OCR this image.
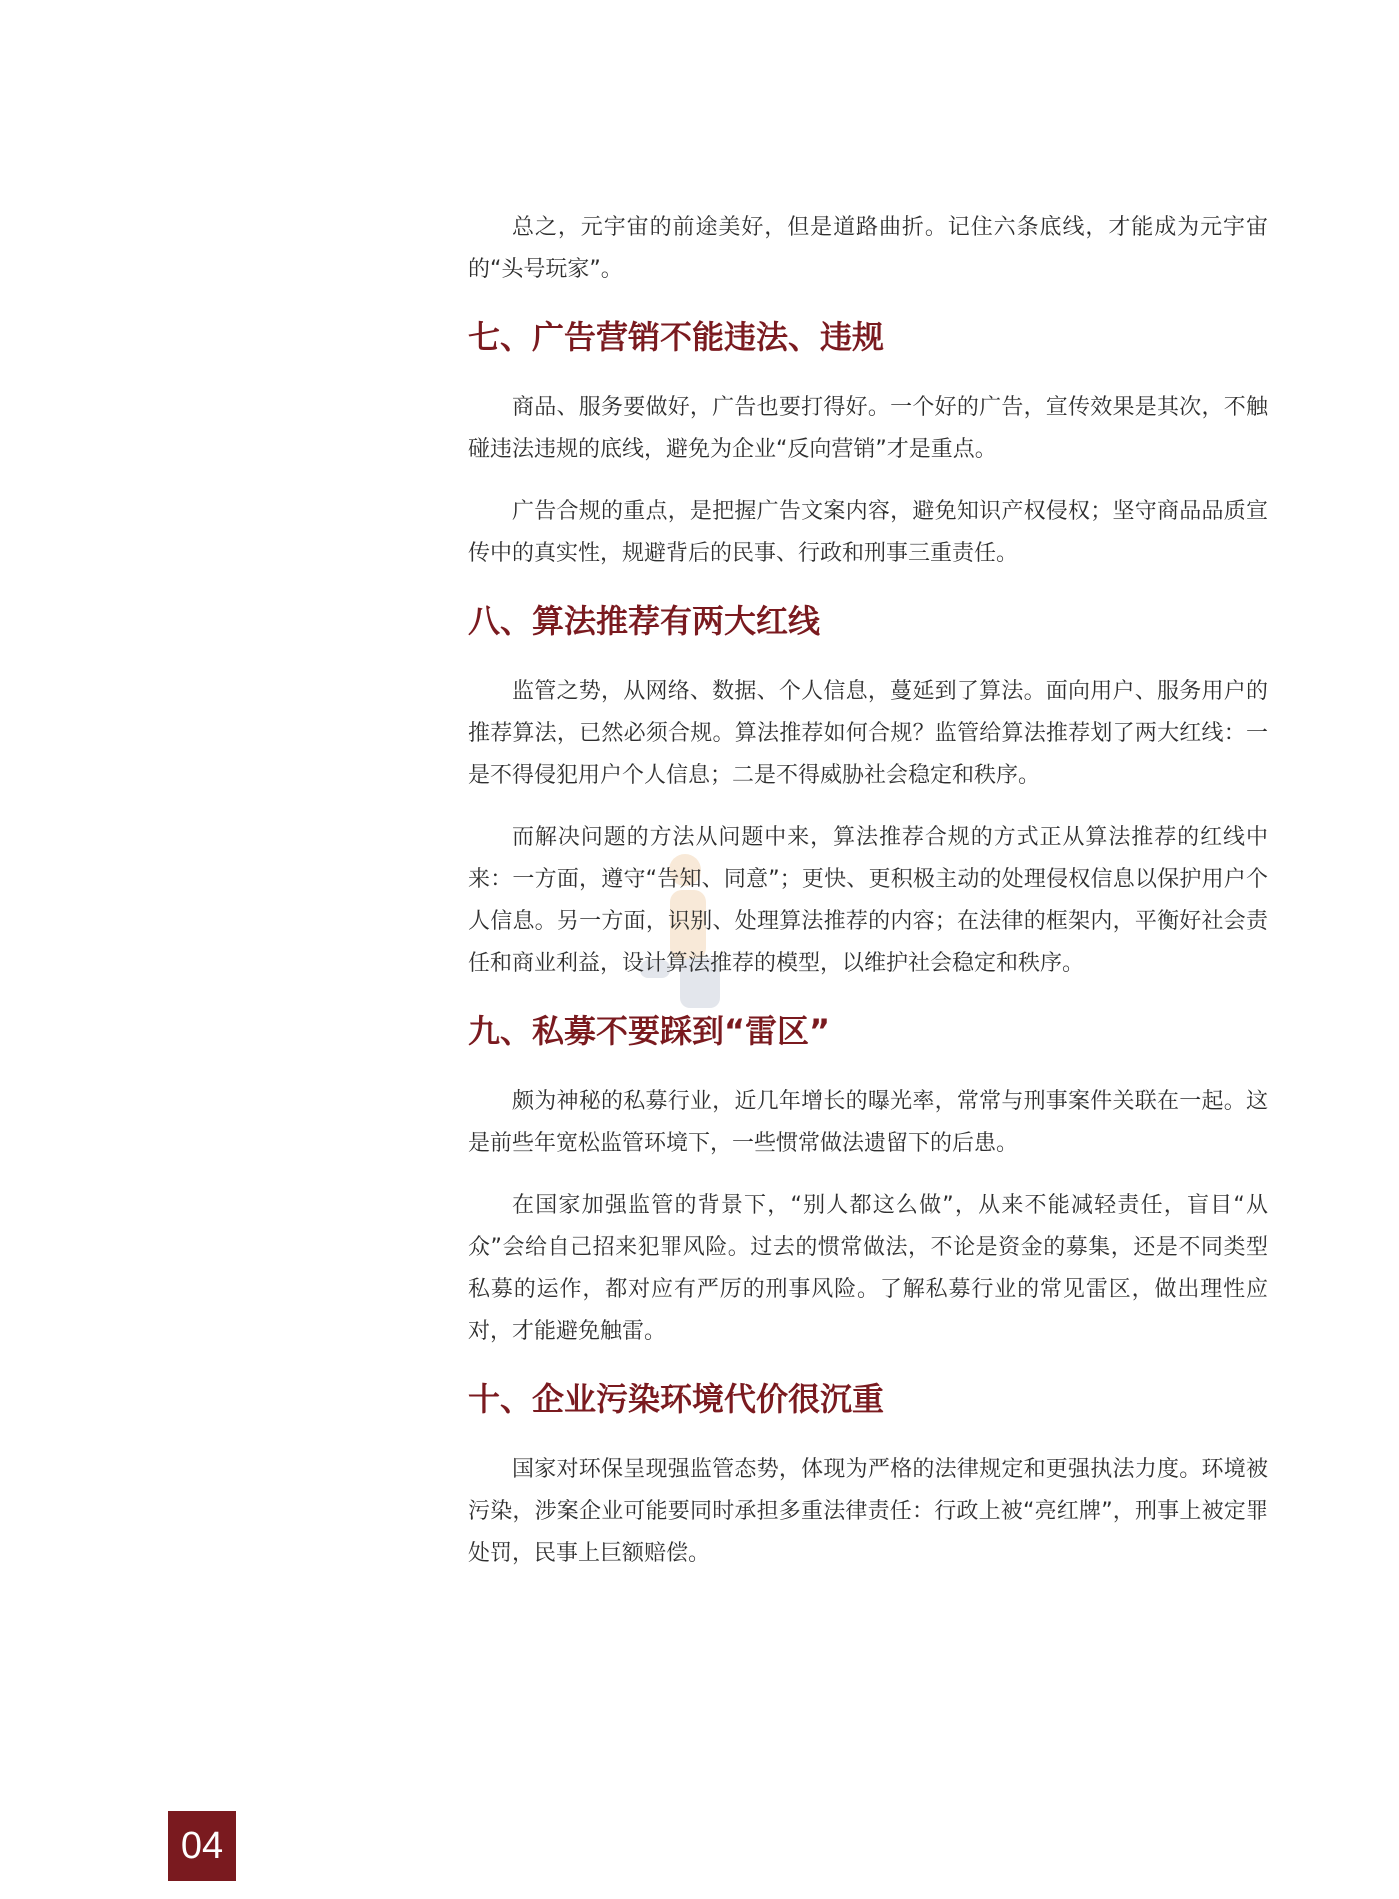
总之，元宇宙的前途美好，但是道路曲折。记住六条底线，才能成为元宇宙的“头号玩家”。

七、广告营销不能违法、违规

商品、服务要做好，广告也要打得好。一个好的广告，宣传效果是其次，不触碰违法违规的底线，避免为企业“反向营销”才是重点。

广告合规的重点，是把握广告文案内容，避免知识产权侵权；坚守商品品质宣传中的真实性，规避背后的民事、行政和刑事三重责任。

八、算法推荐有两大红线

监管之势，从网络、数据、个人信息，蔓延到了算法。面向用户、服务用户的推荐算法，已然必须合规。算法推荐如何合规？监管给算法推荐划了两大红线：一是不得侵犯用户个人信息；二是不得威胁社会稳定和秩序。

而解决问题的方法从问题中来，算法推荐合规的方式正从算法推荐的红线中来：一方面，遵守“告知、同意”；更快、更积极主动的处理侵权信息以保护用户个人信息。另一方面，识别、处理算法推荐的内容；在法律的框架内，平衡好社会责任和商业利益，设计算法推荐的模型，以维护社会稳定和秩序。

九、私募不要踩到“雷区”

颇为神秘的私募行业，近几年增长的曝光率，常常与刑事案件关联在一起。这是前些年宽松监管环境下，一些惯常做法遗留下的后患。

在国家加强监管的背景下，“别人都这么做”，从来不能减轻责任，盲目“从众”会给自己招来犯罪风险。过去的惯常做法，不论是资金的募集，还是不同类型私募的运作，都对应有严厉的刑事风险。了解私募行业的常见雷区，做出理性应对，才能避免触雷。

十、企业污染环境代价很沉重

国家对环保呈现强监管态势，体现为严格的法律规定和更强执法力度。环境被污染，涉案企业可能要同时承担多重法律责任：行政上被“亮红牌”，刑事上被定罪处罚，民事上巨额赔偿。

04
